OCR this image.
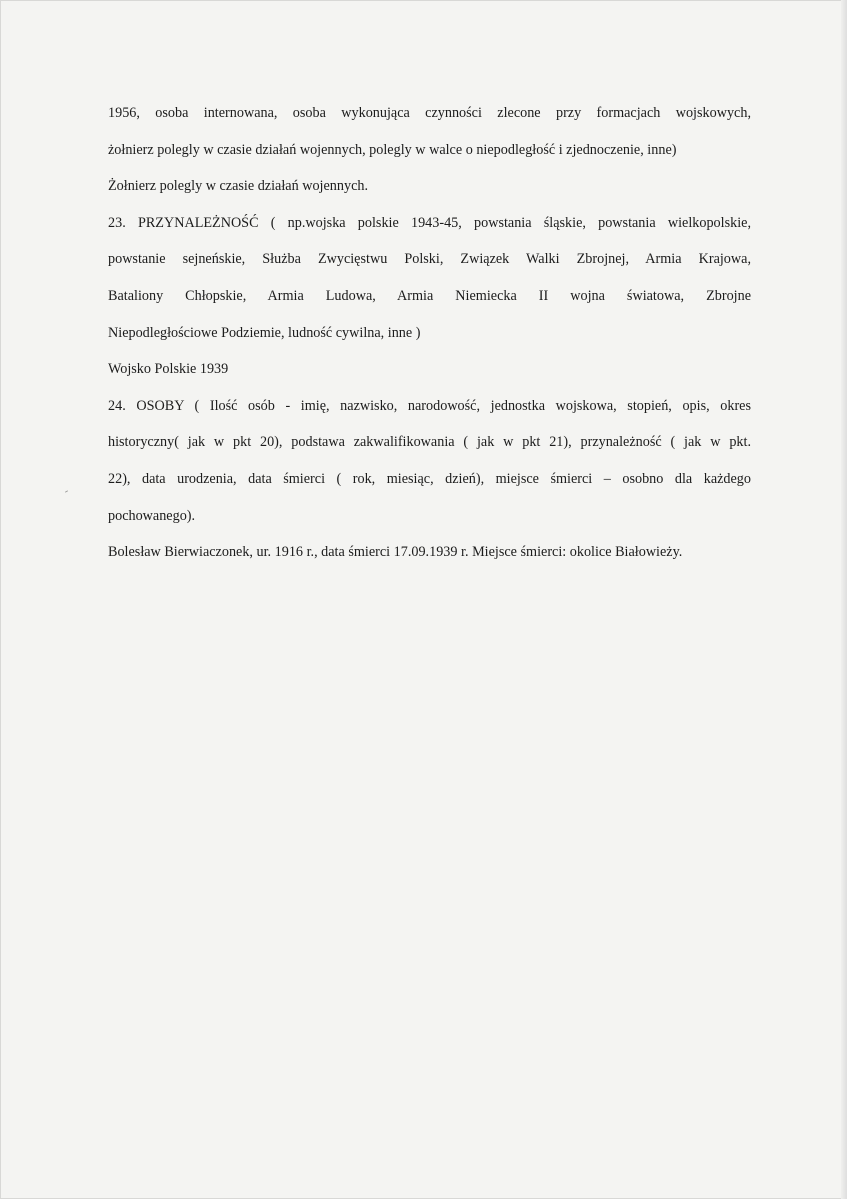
1956, osoba internowana, osoba wykonująca czynności zlecone przy formacjach wojskowych,
żołnierz polegly w czasie działań wojennych, polegly w walce o niepodległość i zjednoczenie, inne)
Żołnierz polegly w czasie działań wojennych.
23. PRZYNALEŻNOŚĆ ( np.wojska polskie 1943-45, powstania śląskie, powstania wielkopolskie,
powstanie sejneńskie, Służba Zwycięstwu Polski, Związek Walki Zbrojnej, Armia Krajowa,
Bataliony Chłopskie, Armia Ludowa, Armia Niemiecka II wojna światowa, Zbrojne
Niepodległościowe Podziemie, ludność cywilna, inne )
Wojsko Polskie 1939
24. OSOBY ( Ilość osób - imię, nazwisko, narodowość, jednostka wojskowa, stopień, opis, okres
historyczny( jak w pkt 20), podstawa zakwalifikowania ( jak w pkt 21), przynależność ( jak w pkt.
22), data urodzenia, data śmierci ( rok, miesiąc, dzień), miejsce śmierci – osobno dla każdego
pochowanego).
Bolesław Bierwiaczonek, ur. 1916 r., data śmierci 17.09.1939 r. Miejsce śmierci: okolice Białowieży.
